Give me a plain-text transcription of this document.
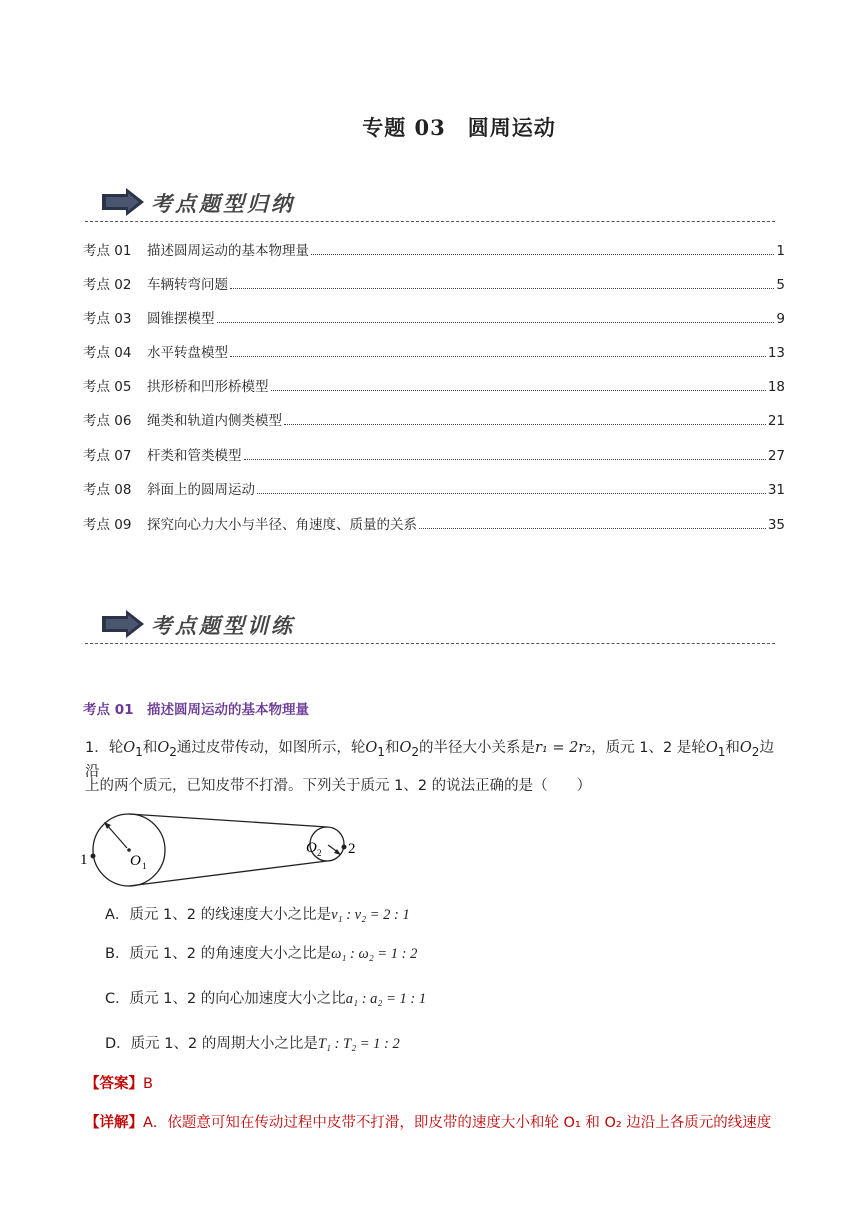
专题 03　圆周运动
考点题型归纳
考点 01	描述圆周运动的基本物理量	1
考点 02	车辆转弯问题	5
考点 03	圆锥摆模型	9
考点 04	水平转盘模型	13
考点 05	拱形桥和凹形桥模型	18
考点 06	绳类和轨道内侧类模型	21
考点 07	杆类和管类模型	27
考点 08	斜面上的圆周运动	31
考点 09	探究向心力大小与半径、角速度、质量的关系	35
考点题型训练
考点 01 描述圆周运动的基本物理量
1．轮$O_1$和$O_2$通过皮带传动，如图所示，轮$O_1$和$O_2$的半径大小关系是r₁ = 2r₂，质元 1、2 是轮$O_1$和$O_2$边沿
上的两个质元，已知皮带不打滑。下列关于质元 1、2 的说法正确的是（　　）
1
2
O 1
O 2
A．质元 1、2 的线速度大小之比是v₁ : v₂ = 2 : 1
B．质元 1、2 的角速度大小之比是ω₁ : ω₂ = 1 : 2
C．质元 1、2 的向心加速度大小之比a₁ : a₂ = 1 : 1
D．质元 1、2 的周期大小之比是T₁ : T₂ = 1 : 2
【答案】B
【详解】A．依题意可知在传动过程中皮带不打滑，即皮带的速度大小和轮 O₁ 和 O₂ 边沿上各质元的线速度
